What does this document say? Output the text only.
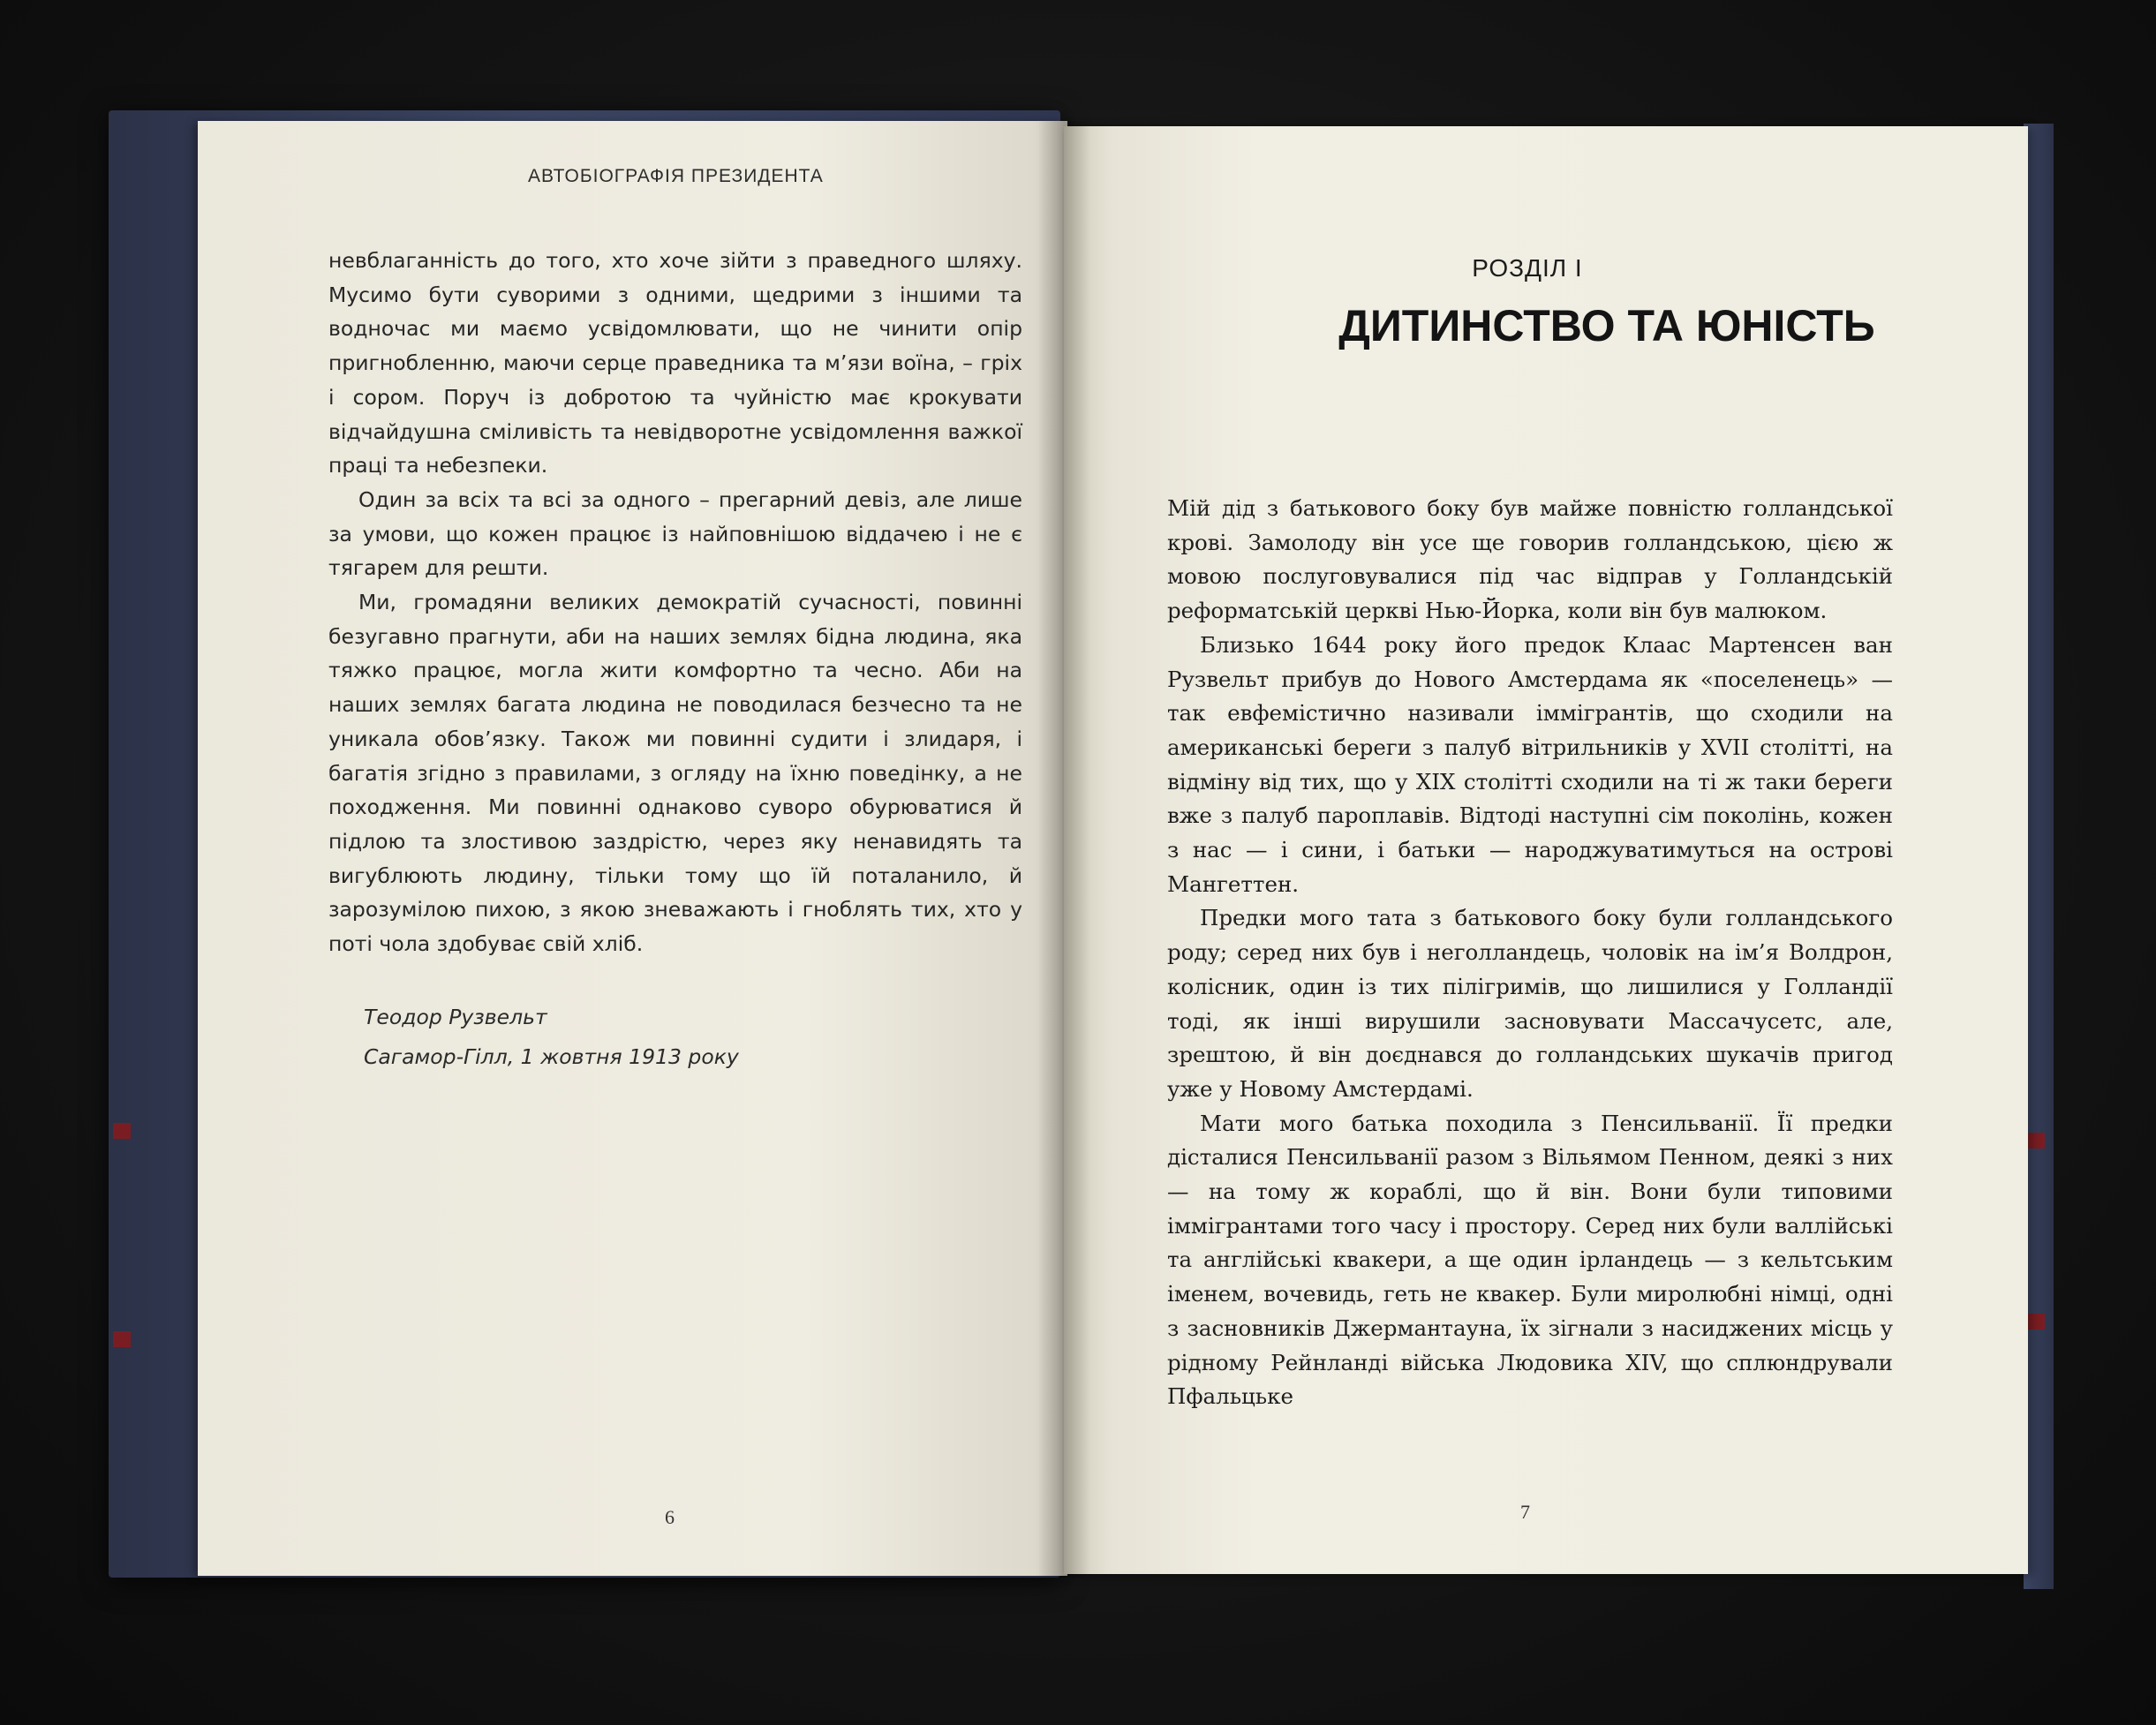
АВТОБІОГРАФІЯ ПРЕЗИДЕНТА

невблаганність до того, хто хоче зійти з праведного шляху. Мусимо бути суворими з одними, щедрими з іншими та водночас ми маємо усвідомлювати, що не чинити опір пригнобленню, маючи серце праведника та м’язи воїна, – гріх і сором. Поруч із добротою та чуйністю має крокувати відчайдушна сміливість та невідворотне усвідомлення важкої праці та небезпеки.

Один за всіх та всі за одного – прегарний девіз, але лише за умови, що кожен працює із найповнішою віддачею і не є тягарем для решти.

Ми, громадяни великих демократій сучасності, повинні безугавно прагнути, аби на наших землях бідна людина, яка тяжко працює, могла жити комфортно та чесно. Аби на наших землях багата людина не поводилася безчесно та не уникала обов’язку. Також ми повинні судити і злидаря, і багатія згідно з правилами, з огляду на їхню поведінку, а не походження. Ми повинні однаково суворо обурюватися й підлою та злостивою заздрістю, через яку ненавидять та вигублюють людину, тільки тому що їй поталанило, й зарозумілою пихою, з якою зневажають і гноблять тих, хто у поті чола здобуває свій хліб.

Теодор Рузвельт
Сагамор-Гілл, 1 жовтня 1913 року
6
РОЗДІЛ I
ДИТИНСТВО ТА ЮНІСТЬ

Мій дід з батькового боку був майже повністю голландської крові. Замолоду він усе ще говорив голландською, цією ж мовою послуговувалися під час відправ у Голландській реформатській церкві Нью-Йорка, коли він був малюком.

Близько 1644 року його предок Клаас Мартенсен ван Рузвельт прибув до Нового Амстердама як «поселенець» — так евфемістично називали іммігрантів, що сходили на американські береги з палуб вітрильників у XVII столітті, на відміну від тих, що у XIX столітті сходили на ті ж таки береги вже з палуб пароплавів. Відтоді наступні сім поколінь, кожен з нас — і сини, і батьки — народжуватимуться на острові Мангеттен.

Предки мого тата з батькового боку були голландського роду; серед них був і неголландець, чоловік на ім’я Волдрон, колісник, один із тих пілігримів, що лишилися у Голландії тоді, як інші вирушили засновувати Массачусетс, але, зрештою, й він доєднався до голландських шукачів пригод уже у Новому Амстердамі.

Мати мого батька походила з Пенсильванії. Її предки дісталися Пенсильванії разом з Вільямом Пенном, деякі з них — на тому ж кораблі, що й він. Вони були типовими іммігрантами того часу і простору. Серед них були валлійські та англійські квакери, а ще один ірландець — з кельтським іменем, вочевидь, геть не квакер. Були миролюбні німці, одні з засновників Джермантауна, їх зігнали з насиджених місць у рідному Рейнланді війська Людовика XIV, що сплюндрували Пфальцьке

7
